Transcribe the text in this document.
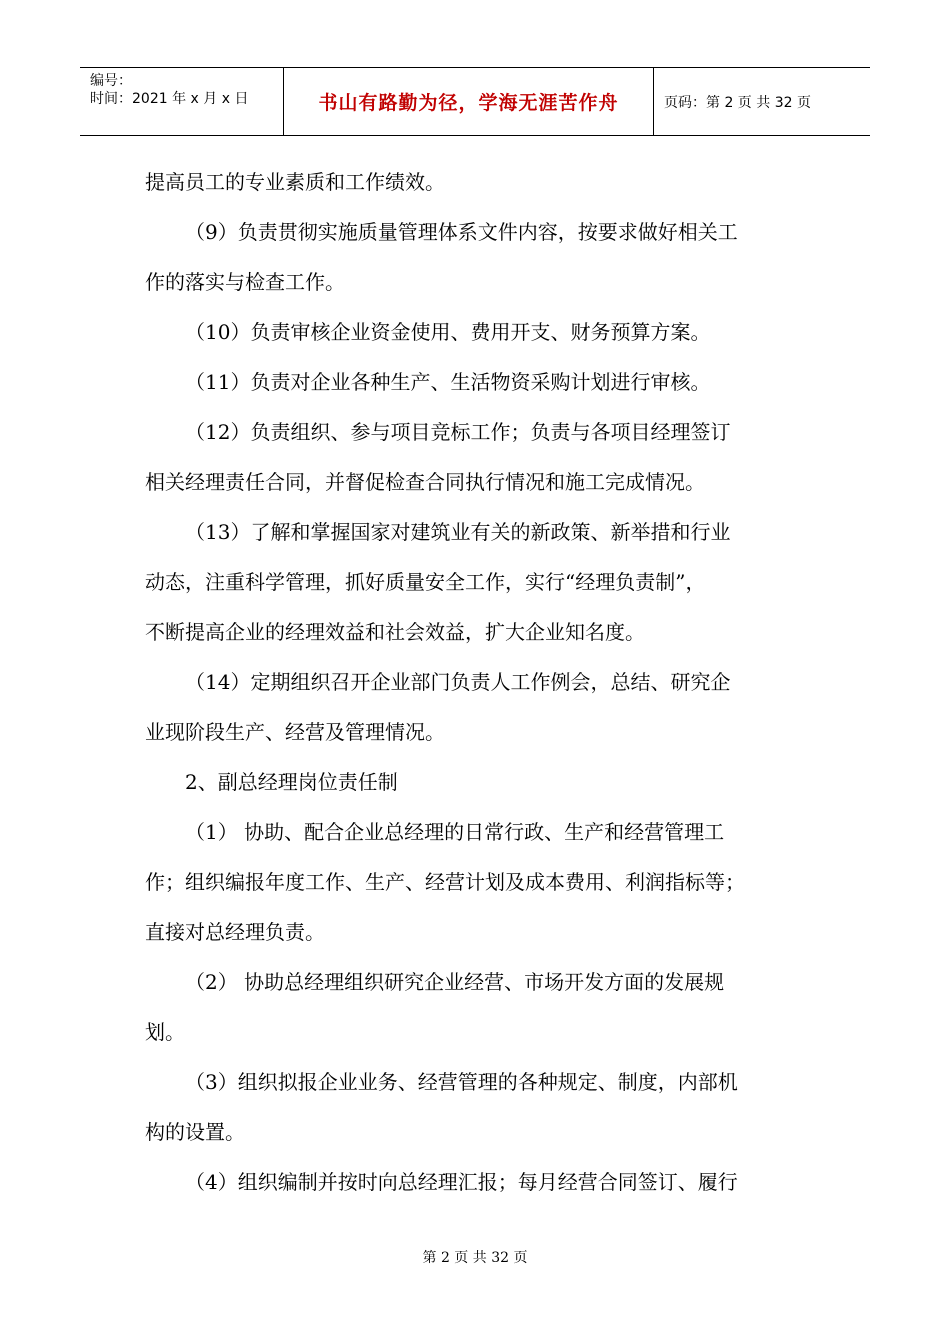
编号：
时间：2021 年 x 月 x 日	书山有路勤为径，学海无涯苦作舟	页码：第 2 页 共 32 页

提高员工的专业素质和工作绩效。

（9）负责贯彻实施质量管理体系文件内容，按要求做好相关工

作的落实与检查工作。

（10）负责审核企业资金使用、费用开支、财务预算方案。

（11）负责对企业各种生产、生活物资采购计划进行审核。

（12）负责组织、参与项目竞标工作；负责与各项目经理签订

相关经理责任合同，并督促检查合同执行情况和施工完成情况。

（13）了解和掌握国家对建筑业有关的新政策、新举措和行业

动态，注重科学管理，抓好质量安全工作，实行“经理负责制”，

不断提高企业的经理效益和社会效益，扩大企业知名度。

（14）定期组织召开企业部门负责人工作例会，总结、研究企

业现阶段生产、经营及管理情况。

2、副总经理岗位责任制

（1） 协助、配合企业总经理的日常行政、生产和经营管理工

作；组织编报年度工作、生产、经营计划及成本费用、利润指标等；

直接对总经理负责。

（2） 协助总经理组织研究企业经营、市场开发方面的发展规

划。

（3）组织拟报企业业务、经营管理的各种规定、制度，内部机

构的设置。

（4）组织编制并按时向总经理汇报；每月经营合同签订、履行

第 2 页 共 32 页
